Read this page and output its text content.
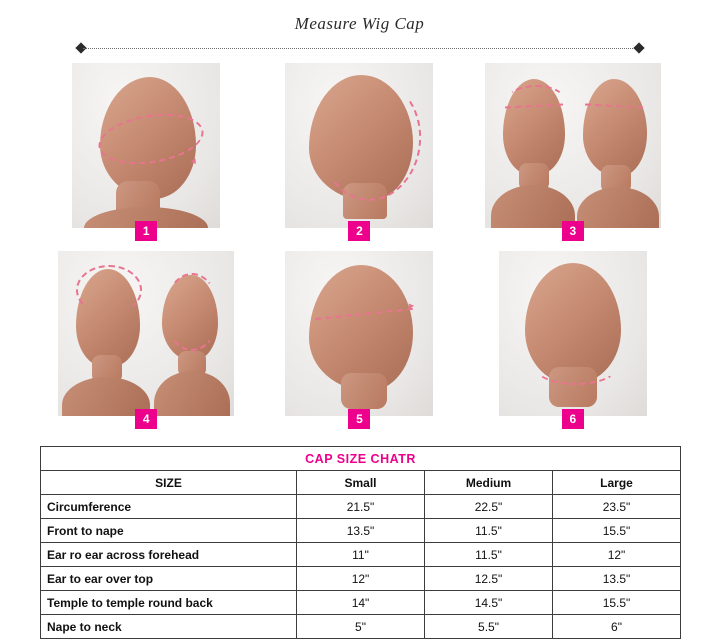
Measure Wig Cap
1	2	3
4	5	6
CAP SIZE CHATR			
SIZE	Small	Medium	Large
Circumference	21.5"	22.5"	23.5"
Front to nape	13.5"	11.5"	15.5"
Ear ro ear across forehead	11"	11.5"	12"
Ear to ear over top	12"	12.5"	13.5"
Temple to temple round back	14"	14.5"	15.5"
Nape to neck	5"	5.5"	6"
